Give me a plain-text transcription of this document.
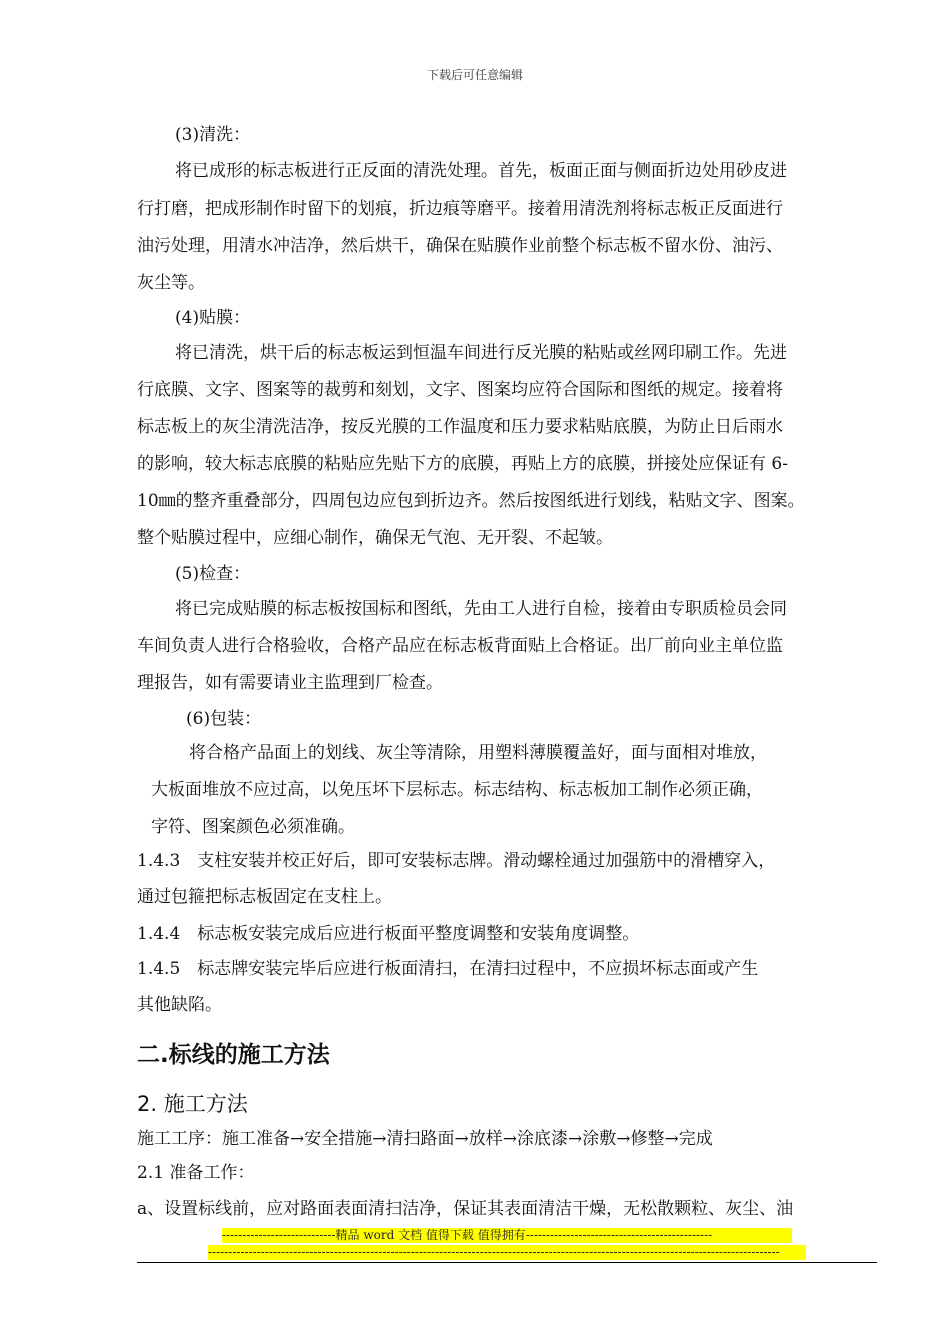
下载后可任意编辑
(3)清洗：
将已成形的标志板进行正反面的清洗处理。首先，板面正面与侧面折边处用砂皮进
行打磨，把成形制作时留下的划痕，折边痕等磨平。接着用清洗剂将标志板正反面进行
油污处理，用清水冲洁净，然后烘干，确保在贴膜作业前整个标志板不留水份、油污、
灰尘等。
(4)贴膜：
将已清洗，烘干后的标志板运到恒温车间进行反光膜的粘贴或丝网印刷工作。先进
行底膜、文字、图案等的裁剪和刻划，文字、图案均应符合国际和图纸的规定。接着将
标志板上的灰尘清洗洁净，按反光膜的工作温度和压力要求粘贴底膜，为防止日后雨水
的影响，较大标志底膜的粘贴应先贴下方的底膜，再贴上方的底膜，拼接处应保证有 6-
10㎜的整齐重叠部分，四周包边应包到折边齐。然后按图纸进行划线，粘贴文字、图案。
整个贴膜过程中，应细心制作，确保无气泡、无开裂、不起皱。
(5)检查：
将已完成贴膜的标志板按国标和图纸，先由工人进行自检，接着由专职质检员会同
车间负责人进行合格验收，合格产品应在标志板背面贴上合格证。出厂前向业主单位监
理报告，如有需要请业主监理到厂检查。
(6)包装：
将合格产品面上的划线、灰尘等清除，用塑料薄膜覆盖好，面与面相对堆放，
大板面堆放不应过高，以免压坏下层标志。标志结构、标志板加工制作必须正确，
字符、图案颜色必须准确。
1.4.3　支柱安装并校正好后，即可安装标志牌。滑动螺栓通过加强筋中的滑槽穿入，
通过包箍把标志板固定在支柱上。
1.4.4　标志板安装完成后应进行板面平整度调整和安装角度调整。
1.4.5　标志牌安装完毕后应进行板面清扫，在清扫过程中，不应损坏标志面或产生
其他缺陷。
二.标线的施工方法
2. 施工方法
施工工序：施工准备→安全措施→清扫路面→放样→涂底漆→涂敷→修整→完成
2.1 准备工作：
a、设置标线前，应对路面表面清扫洁净，保证其表面清洁干燥，无松散颗粒、灰尘、油
----------------------------精品 word 文档 值得下载 值得拥有----------------------------------------------
---------------------------------------------------------------------------------------------------------------------------------------------
